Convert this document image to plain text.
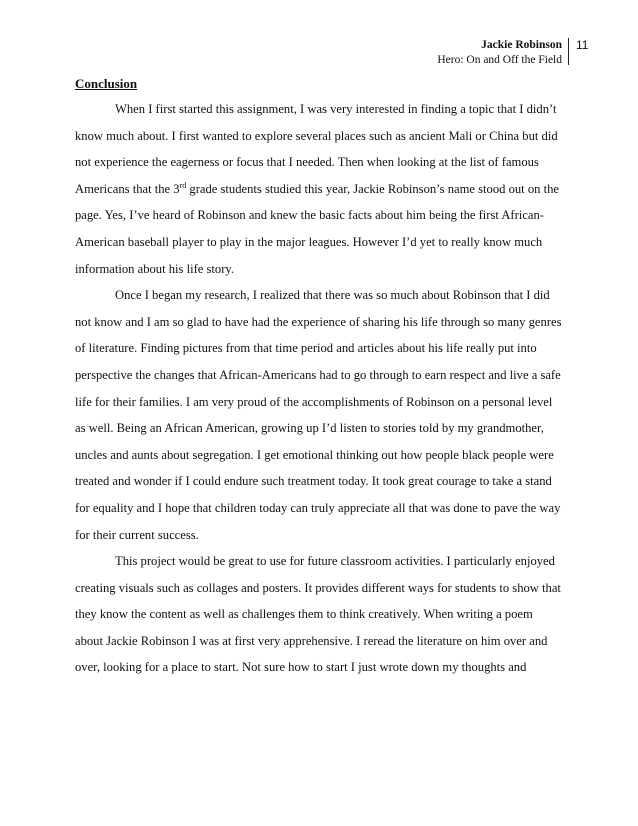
Jackie Robinson
Hero: On and Off the Field
11
Conclusion
When I first started this assignment, I was very interested in finding a topic that I didn’t
know much about. I first wanted to explore several places such as ancient Mali or China but did
not experience the eagerness or focus that I needed. Then when looking at the list of famous
Americans that the 3rd grade students studied this year, Jackie Robinson’s name stood out on the
page. Yes, I’ve heard of Robinson and knew the basic facts about him being the first African-
American baseball player to play in the major leagues. However I’d yet to really know much
information about his life story.
Once I began my research, I realized that there was so much about Robinson that I did
not know and I am so glad to have had the experience of sharing his life through so many genres
of literature. Finding pictures from that time period and articles about his life really put into
perspective the changes that African-Americans had to go through to earn respect and live a safe
life for their families. I am very proud of the accomplishments of Robinson on a personal level
as well. Being an African American, growing up I’d listen to stories told by my grandmother,
uncles and aunts about segregation. I get emotional thinking out how people black people were
treated and wonder if I could endure such treatment today. It took great courage to take a stand
for equality and I hope that children today can truly appreciate all that was done to pave the way
for their current success.
This project would be great to use for future classroom activities. I particularly enjoyed
creating visuals such as collages and posters. It provides different ways for students to show that
they know the content as well as challenges them to think creatively. When writing a poem
about Jackie Robinson I was at first very apprehensive. I reread the literature on him over and
over, looking for a place to start. Not sure how to start I just wrote down my thoughts and
